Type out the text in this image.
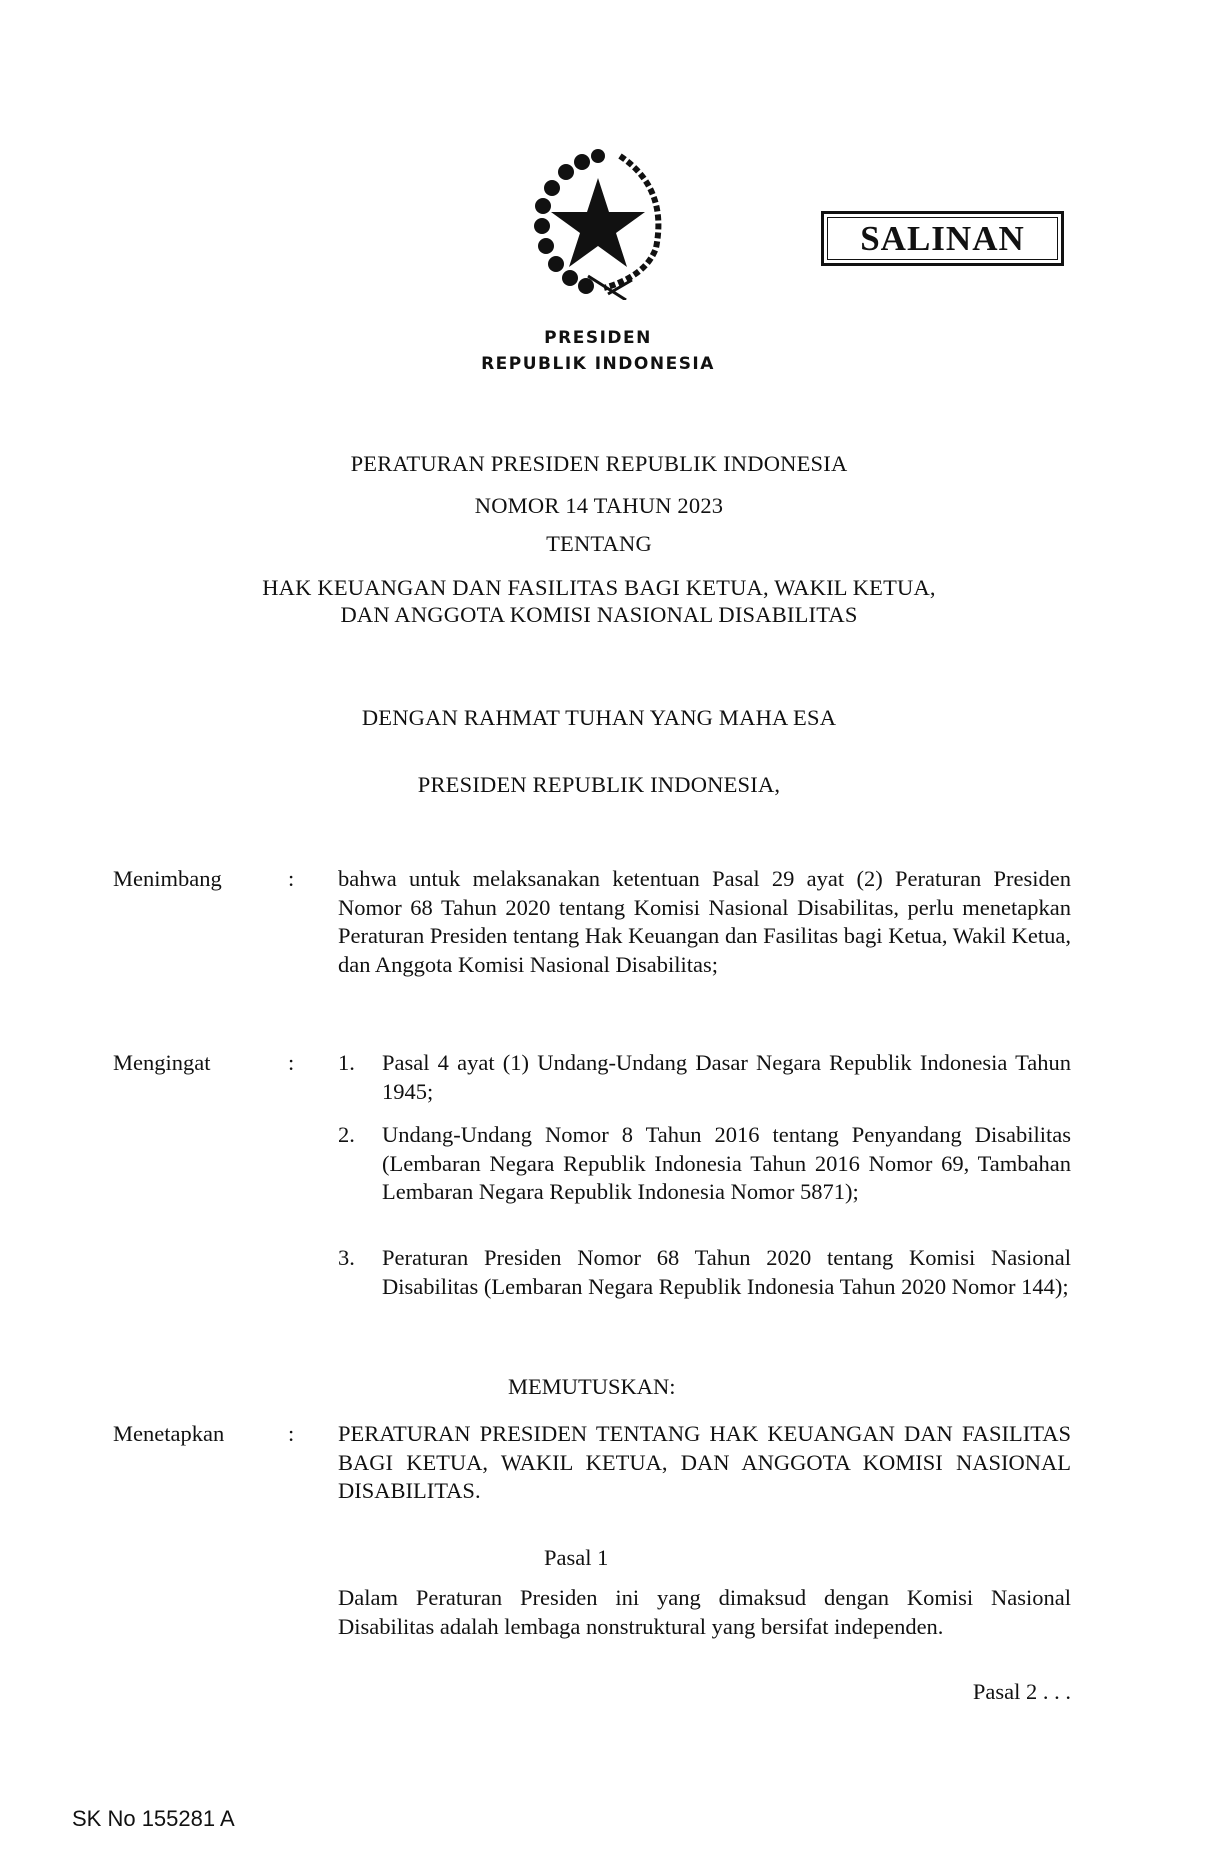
SALINAN
PRESIDEN
REPUBLIK INDONESIA
PERATURAN PRESIDEN REPUBLIK INDONESIA
NOMOR 14 TAHUN 2023
TENTANG
HAK KEUANGAN DAN FASILITAS BAGI KETUA, WAKIL KETUA,
DAN ANGGOTA KOMISI NASIONAL DISABILITAS
DENGAN RAHMAT TUHAN YANG MAHA ESA
PRESIDEN REPUBLIK INDONESIA,
Menimbang	: bahwa untuk melaksanakan ketentuan Pasal 29 ayat (2) Peraturan Presiden Nomor 68 Tahun 2020 tentang Komisi Nasional Disabilitas, perlu menetapkan Peraturan Presiden tentang Hak Keuangan dan Fasilitas bagi Ketua, Wakil Ketua, dan Anggota Komisi Nasional Disabilitas;
Mengingat	: 1. Pasal 4 ayat (1) Undang-Undang Dasar Negara Republik Indonesia Tahun 1945;
2. Undang-Undang Nomor 8 Tahun 2016 tentang Penyandang Disabilitas (Lembaran Negara Republik Indonesia Tahun 2016 Nomor 69, Tambahan Lembaran Negara Republik Indonesia Nomor 5871);
3. Peraturan Presiden Nomor 68 Tahun 2020 tentang Komisi Nasional Disabilitas (Lembaran Negara Republik Indonesia Tahun 2020 Nomor 144);
MEMUTUSKAN:
Menetapkan	: PERATURAN PRESIDEN TENTANG HAK KEUANGAN DAN FASILITAS BAGI KETUA, WAKIL KETUA, DAN ANGGOTA KOMISI NASIONAL DISABILITAS.
Pasal 1
Dalam Peraturan Presiden ini yang dimaksud dengan Komisi Nasional Disabilitas adalah lembaga nonstruktural yang bersifat independen.
Pasal 2 . . .
SK No 155281 A
